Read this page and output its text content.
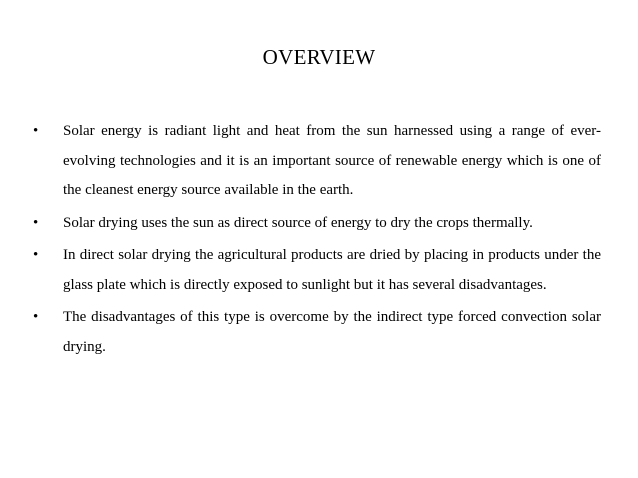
OVERVIEW
• Solar energy is radiant light and heat from the sun harnessed using a range of ever-evolving technologies and it is an important source of renewable energy which is one of the cleanest energy source available in the earth.
• Solar drying uses the sun as direct source of energy to dry the crops thermally.
• In direct solar drying the agricultural products are dried by placing in products under the glass plate which is directly exposed to sunlight but it has several disadvantages.
• The disadvantages of this type is overcome by the indirect type forced convection solar drying.
